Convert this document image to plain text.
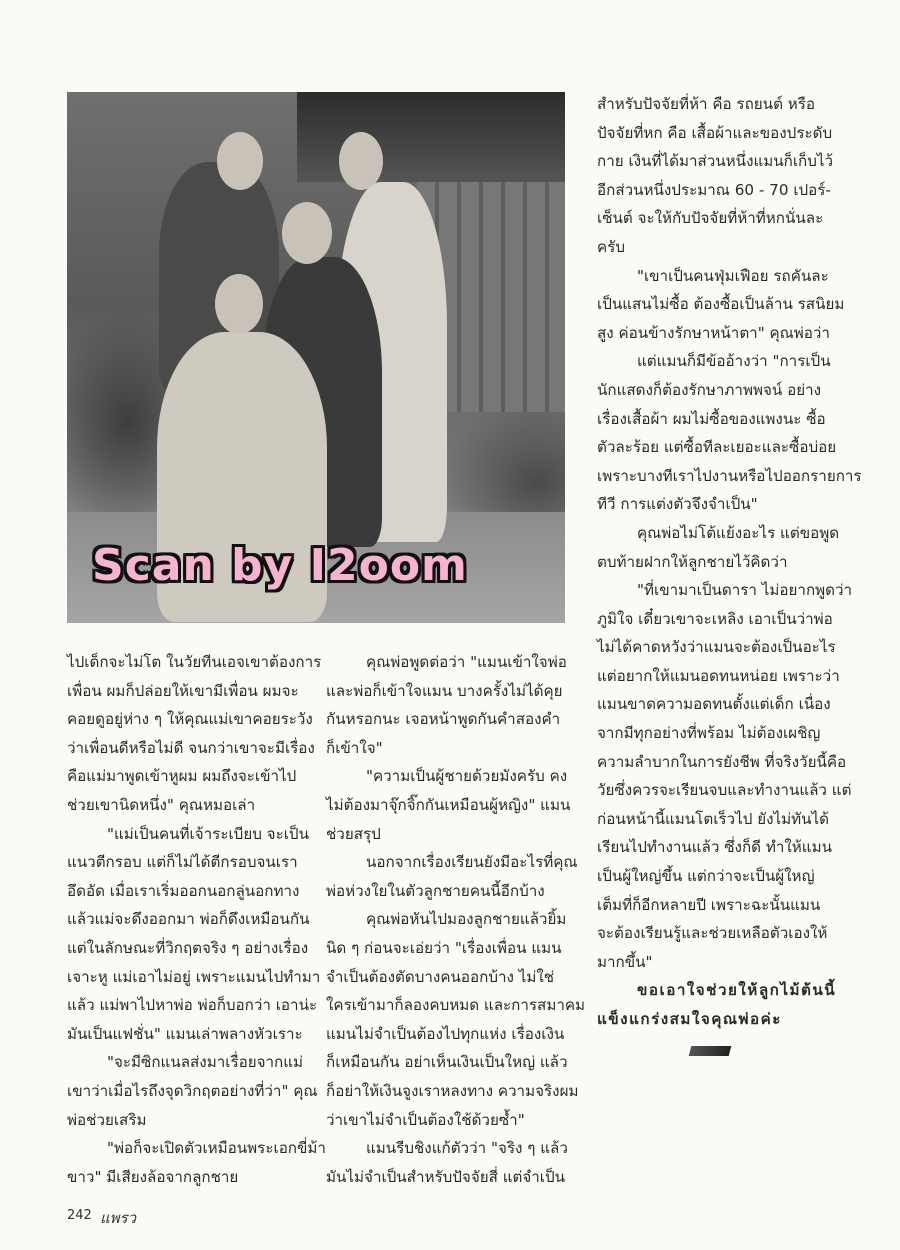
Scan by I2oom
ไปเด็กจะไม่โต ในวัยทีนเอจเขาต้องการ
เพื่อน ผมก็ปล่อยให้เขามีเพื่อน ผมจะ
คอยดูอยู่ห่าง ๆ ให้คุณแม่เขาคอยระวัง
ว่าเพื่อนดีหรือไม่ดี จนกว่าเขาจะมีเรื่อง
คือแม่มาพูดเข้าหูผม ผมถึงจะเข้าไป
ช่วยเขานิดหนึ่ง" คุณหมอเล่า
"แม่เป็นคนที่เจ้าระเบียบ จะเป็น
แนวตีกรอบ แต่ก็ไม่ได้ตีกรอบจนเรา
อึดอัด เมื่อเราเริ่มออกนอกลู่นอกทาง
แล้วแม่จะดึงออกมา พ่อก็ดึงเหมือนกัน
แต่ในลักษณะที่วิกฤตจริง ๆ อย่างเรื่อง
เจาะหู แม่เอาไม่อยู่ เพราะแมนไปทำมา
แล้ว แม่พาไปหาพ่อ พ่อก็บอกว่า เอาน่ะ
มันเป็นแฟชั่น" แมนเล่าพลางหัวเราะ
"จะมีซิกแนลส่งมาเรื่อยจากแม่
เขาว่าเมื่อไรถึงจุดวิกฤตอย่างที่ว่า" คุณ
พ่อช่วยเสริม
"พ่อก็จะเปิดตัวเหมือนพระเอกขี่ม้า
ขาว" มีเสียงล้อจากลูกชาย
คุณพ่อพูดต่อว่า "แมนเข้าใจพ่อ
และพ่อก็เข้าใจแมน บางครั้งไม่ได้คุย
กันหรอกนะ เจอหน้าพูดกันคำสองคำ
ก็เข้าใจ"
"ความเป็นผู้ชายด้วยมังครับ คง
ไม่ต้องมาจุ๊กจิ๊กกันเหมือนผู้หญิง" แมน
ช่วยสรุป
นอกจากเรื่องเรียนยังมีอะไรที่คุณ
พ่อห่วงใยในตัวลูกชายคนนี้อีกบ้าง
คุณพ่อหันไปมองลูกชายแล้วยิ้ม
นิด ๆ ก่อนจะเอ่ยว่า "เรื่องเพื่อน แมน
จำเป็นต้องตัดบางคนออกบ้าง ไม่ใช่
ใครเข้ามาก็ลองคบหมด และการสมาคม
แมนไม่จำเป็นต้องไปทุกแห่ง เรื่องเงิน
ก็เหมือนกัน อย่าเห็นเงินเป็นใหญ่ แล้ว
ก็อย่าให้เงินจูงเราหลงทาง ความจริงผม
ว่าเขาไม่จำเป็นต้องใช้ด้วยซ้ำ"
แมนรีบชิงแก้ตัวว่า "จริง ๆ แล้ว
มันไม่จำเป็นสำหรับปัจจัยสี่ แต่จำเป็น
สำหรับปัจจัยที่ห้า คือ รถยนต์ หรือ
ปัจจัยที่หก คือ เสื้อผ้าและของประดับ
กาย เงินที่ได้มาส่วนหนึ่งแมนก็เก็บไว้
อีกส่วนหนึ่งประมาณ 60 - 70 เปอร์-
เซ็นต์ จะให้กับปัจจัยที่ห้าที่หกนั่นละ
ครับ
"เขาเป็นคนฟุ่มเฟือย รถคันละ
เป็นแสนไม่ซื้อ ต้องซื้อเป็นล้าน รสนิยม
สูง ค่อนข้างรักษาหน้าตา" คุณพ่อว่า
แต่แมนก็มีข้ออ้างว่า "การเป็น
นักแสดงก็ต้องรักษาภาพพจน์ อย่าง
เรื่องเสื้อผ้า ผมไม่ซื้อของแพงนะ ซื้อ
ตัวละร้อย แต่ซื้อทีละเยอะและซื้อบ่อย
เพราะบางทีเราไปงานหรือไปออกรายการ
ทีวี การแต่งตัวจึงจำเป็น"
คุณพ่อไม่โต้แย้งอะไร แต่ขอพูด
ตบท้ายฝากให้ลูกชายไว้คิดว่า
"ที่เขามาเป็นดารา ไม่อยากพูดว่า
ภูมิใจ เดี๋ยวเขาจะเหลิง เอาเป็นว่าพ่อ
ไม่ได้คาดหวังว่าแมนจะต้องเป็นอะไร
แต่อยากให้แมนอดทนหน่อย เพราะว่า
แมนขาดความอดทนตั้งแต่เด็ก เนื่อง
จากมีทุกอย่างที่พร้อม ไม่ต้องเผชิญ
ความลำบากในการยังชีพ ที่จริงวัยนี้คือ
วัยซึ่งควรจะเรียนจบและทำงานแล้ว แต่
ก่อนหน้านี้แมนโตเร็วไป ยังไม่ทันได้
เรียนไปทำงานแล้ว ซึ่งก็ดี ทำให้แมน
เป็นผู้ใหญ่ขึ้น แต่กว่าจะเป็นผู้ใหญ่
เต็มที่ก็อีกหลายปี เพราะฉะนั้นแมน
จะต้องเรียนรู้และช่วยเหลือตัวเองให้
มากขึ้น"
ขอเอาใจช่วยให้ลูกไม้ต้นนี้
แข็งแกร่งสมใจคุณพ่อค่ะ
242 แพรว
